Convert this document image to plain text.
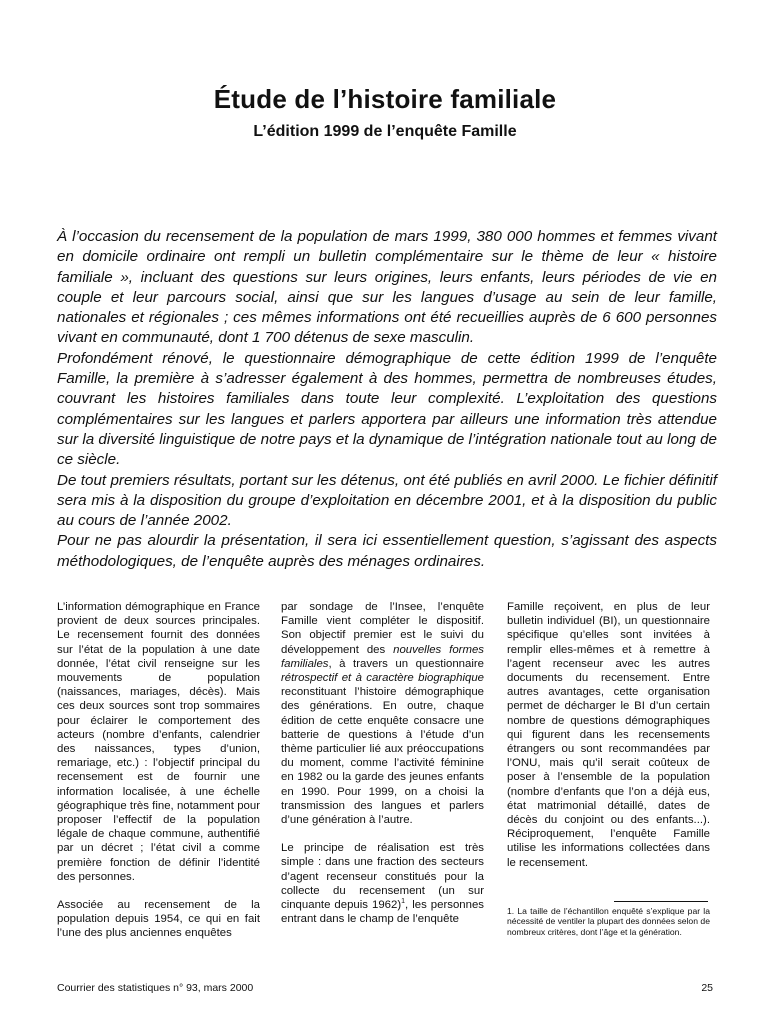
Étude de l’histoire familiale
L’édition 1999 de l’enquête Famille

À l’occasion du recensement de la population de mars 1999, 380 000 hommes et femmes vivant en domicile ordinaire ont rempli un bulletin complémentaire sur le thème de leur « histoire familiale », incluant des questions sur leurs origines, leurs enfants, leurs périodes de vie en couple et leur parcours social, ainsi que sur les langues d’usage au sein de leur famille, nationales et régionales ; ces mêmes informations ont été recueillies auprès de 6 600 personnes vivant en communauté, dont 1 700 détenus de sexe masculin.

Profondément rénové, le questionnaire démographique de cette édition 1999 de l’enquête Famille, la première à s’adresser également à des hommes, permettra de nombreuses études, couvrant les histoires familiales dans toute leur complexité. L’exploitation des questions complémentaires sur les langues et parlers apportera par ailleurs une information très attendue sur la diversité linguistique de notre pays et la dynamique de l’intégration nationale tout au long de ce siècle.

De tout premiers résultats, portant sur les détenus, ont été publiés en avril 2000. Le fichier définitif sera mis à la disposition du groupe d’exploitation en décembre 2001, et à la disposition du public au cours de l’année 2002.

Pour ne pas alourdir la présentation, il sera ici essentiellement question, s’agissant des aspects méthodologiques, de l’enquête auprès des ménages ordinaires.

L’information démographique en France provient de deux sources principales. Le recensement fournit des données sur l’état de la population à une date donnée, l’état civil renseigne sur les mouvements de population (naissances, mariages, décès). Mais ces deux sources sont trop sommaires pour éclairer le comportement des acteurs (nombre d’enfants, calendrier des naissances, types d’union, remariage, etc.) : l’objectif principal du recensement est de fournir une information localisée, à une échelle géographique très fine, notamment pour proposer l’effectif de la population légale de chaque commune, authentifié par un décret ; l’état civil a comme première fonction de définir l’identité des personnes.

Associée au recensement de la population depuis 1954, ce qui en fait l’une des plus anciennes enquêtes

par sondage de l’Insee, l’enquête Famille vient compléter le dispositif. Son objectif premier est le suivi du développement des nouvelles formes familiales, à travers un questionnaire rétrospectif et à caractère biographique reconstituant l’histoire démographique des générations. En outre, chaque édition de cette enquête consacre une batterie de questions à l’étude d’un thème particulier lié aux préoccupations du moment, comme l’activité féminine en 1982 ou la garde des jeunes enfants en 1990. Pour 1999, on a choisi la transmission des langues et parlers d’une génération à l’autre.

Le principe de réalisation est très simple : dans une fraction des secteurs d’agent recenseur constitués pour la collecte du recensement (un sur cinquante depuis 1962)$^1$, les personnes entrant dans le champ de l’enquête

Famille reçoivent, en plus de leur bulletin individuel (BI), un questionnaire spécifique qu’elles sont invitées à remplir elles-mêmes et à remettre à l’agent recenseur avec les autres documents du recensement. Entre autres avantages, cette organisation permet de décharger le BI d’un certain nombre de questions démographiques qui figurent dans les recensements étrangers ou sont recommandées par l’ONU, mais qu’il serait coûteux de poser à l’ensemble de la population (nombre d’enfants que l’on a déjà eus, état matrimonial détaillé, dates de décès du conjoint ou des enfants...). Réciproquement, l’enquête Famille utilise les informations collectées dans le recensement.

1. La taille de l’échantillon enquêté s’explique par la nécessité de ventiler la plupart des données selon de nombreux critères, dont l’âge et la génération.
Courrier des statistiques n° 93, mars 2000	25
